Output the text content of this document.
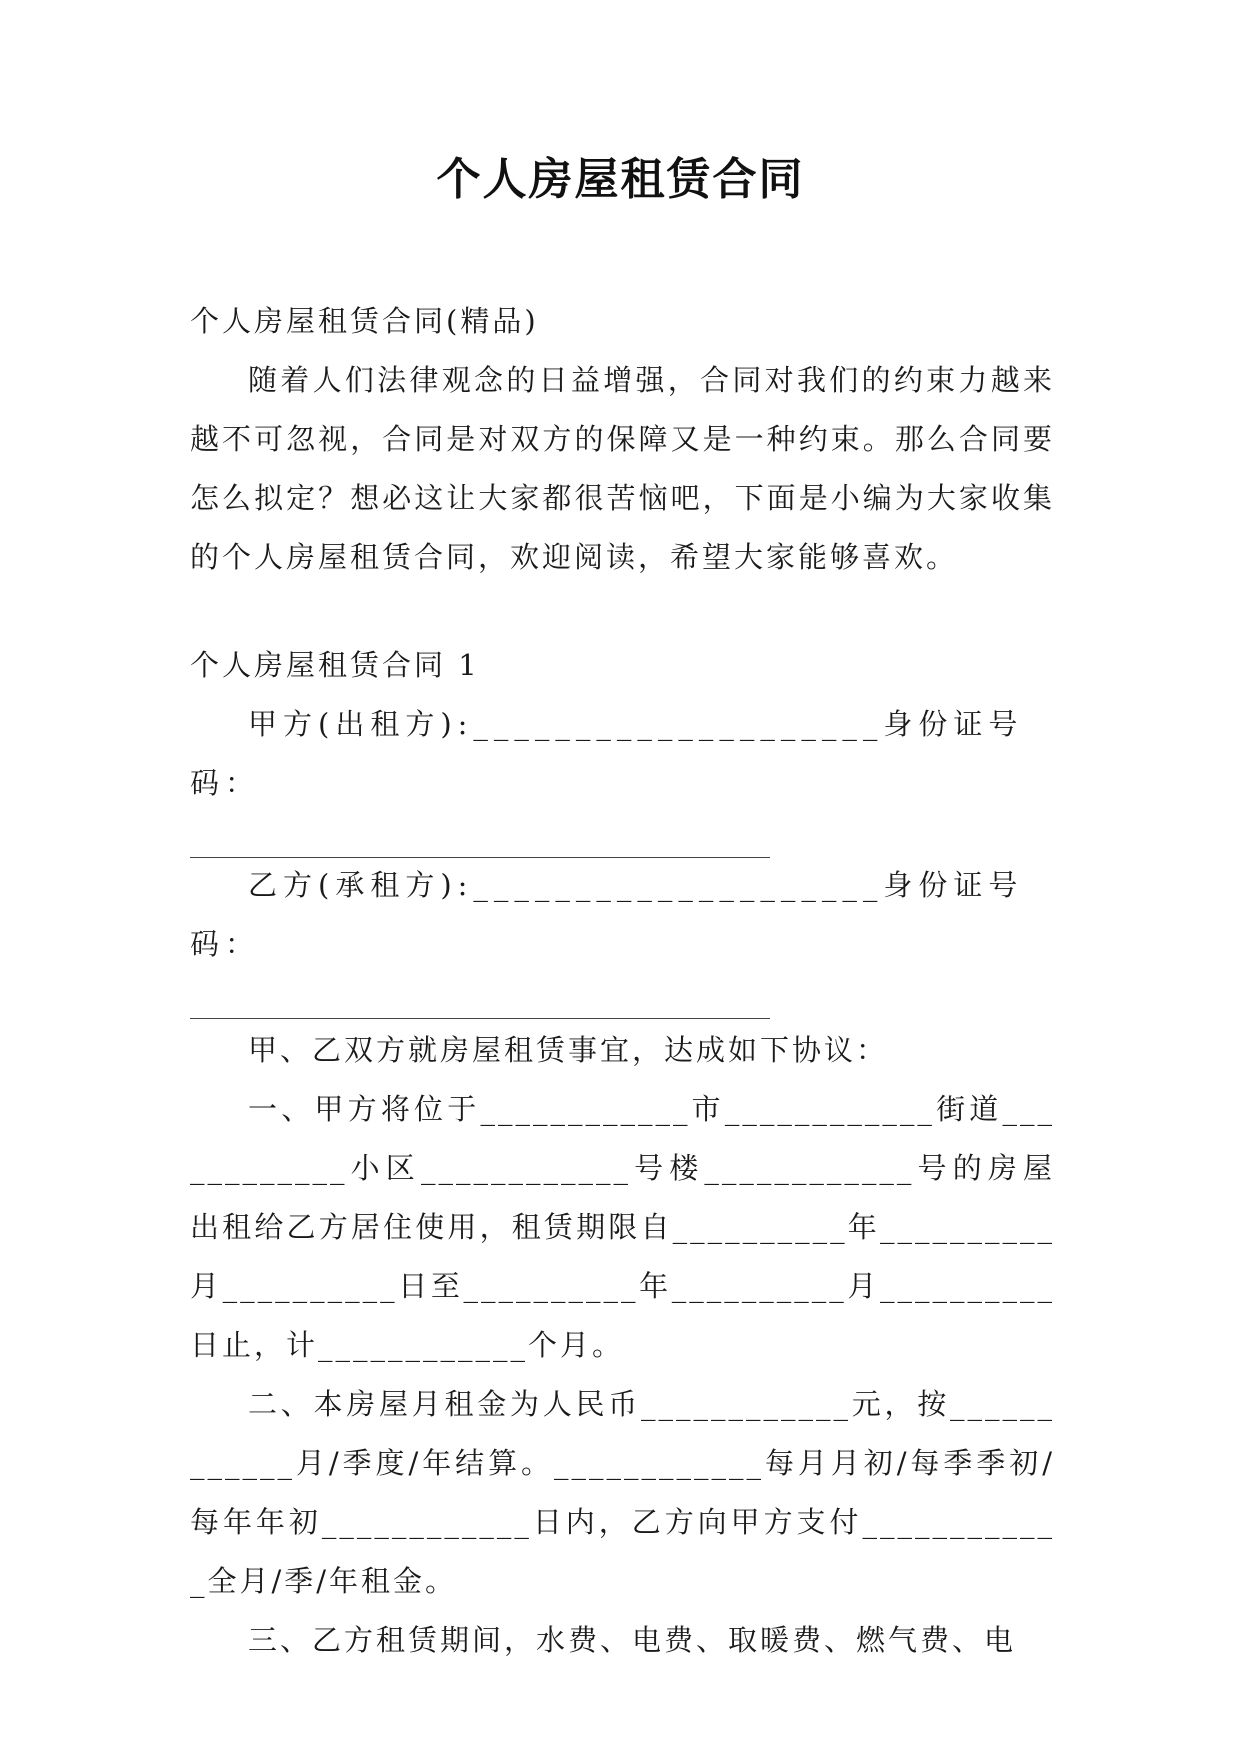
个人房屋租赁合同

个人房屋租赁合同(精品)

随着人们法律观念的日益增强，合同对我们的约束力越来越不可忽视，合同是对双方的保障又是一种约束。那么合同要怎么拟定？想必这让大家都很苦恼吧，下面是小编为大家收集的个人房屋租赁合同，欢迎阅读，希望大家能够喜欢。

个人房屋租赁合同 1

甲方(出租方):____________________身份证号码：

乙方(承租方):____________________身份证号码：

甲、乙双方就房屋租赁事宜，达成如下协议：

一、甲方将位于____________市____________街道____________小区____________号楼____________号的房屋出租给乙方居住使用，租赁期限自__________年__________月__________日至__________年__________月__________日止，计____________个月。

二、本房屋月租金为人民币____________元，按____________月/季度/年结算。____________每月月初/每季季初/每年年初____________日内，乙方向甲方支付____________全月/季/年租金。

三、乙方租赁期间，水费、电费、取暖费、燃气费、电
